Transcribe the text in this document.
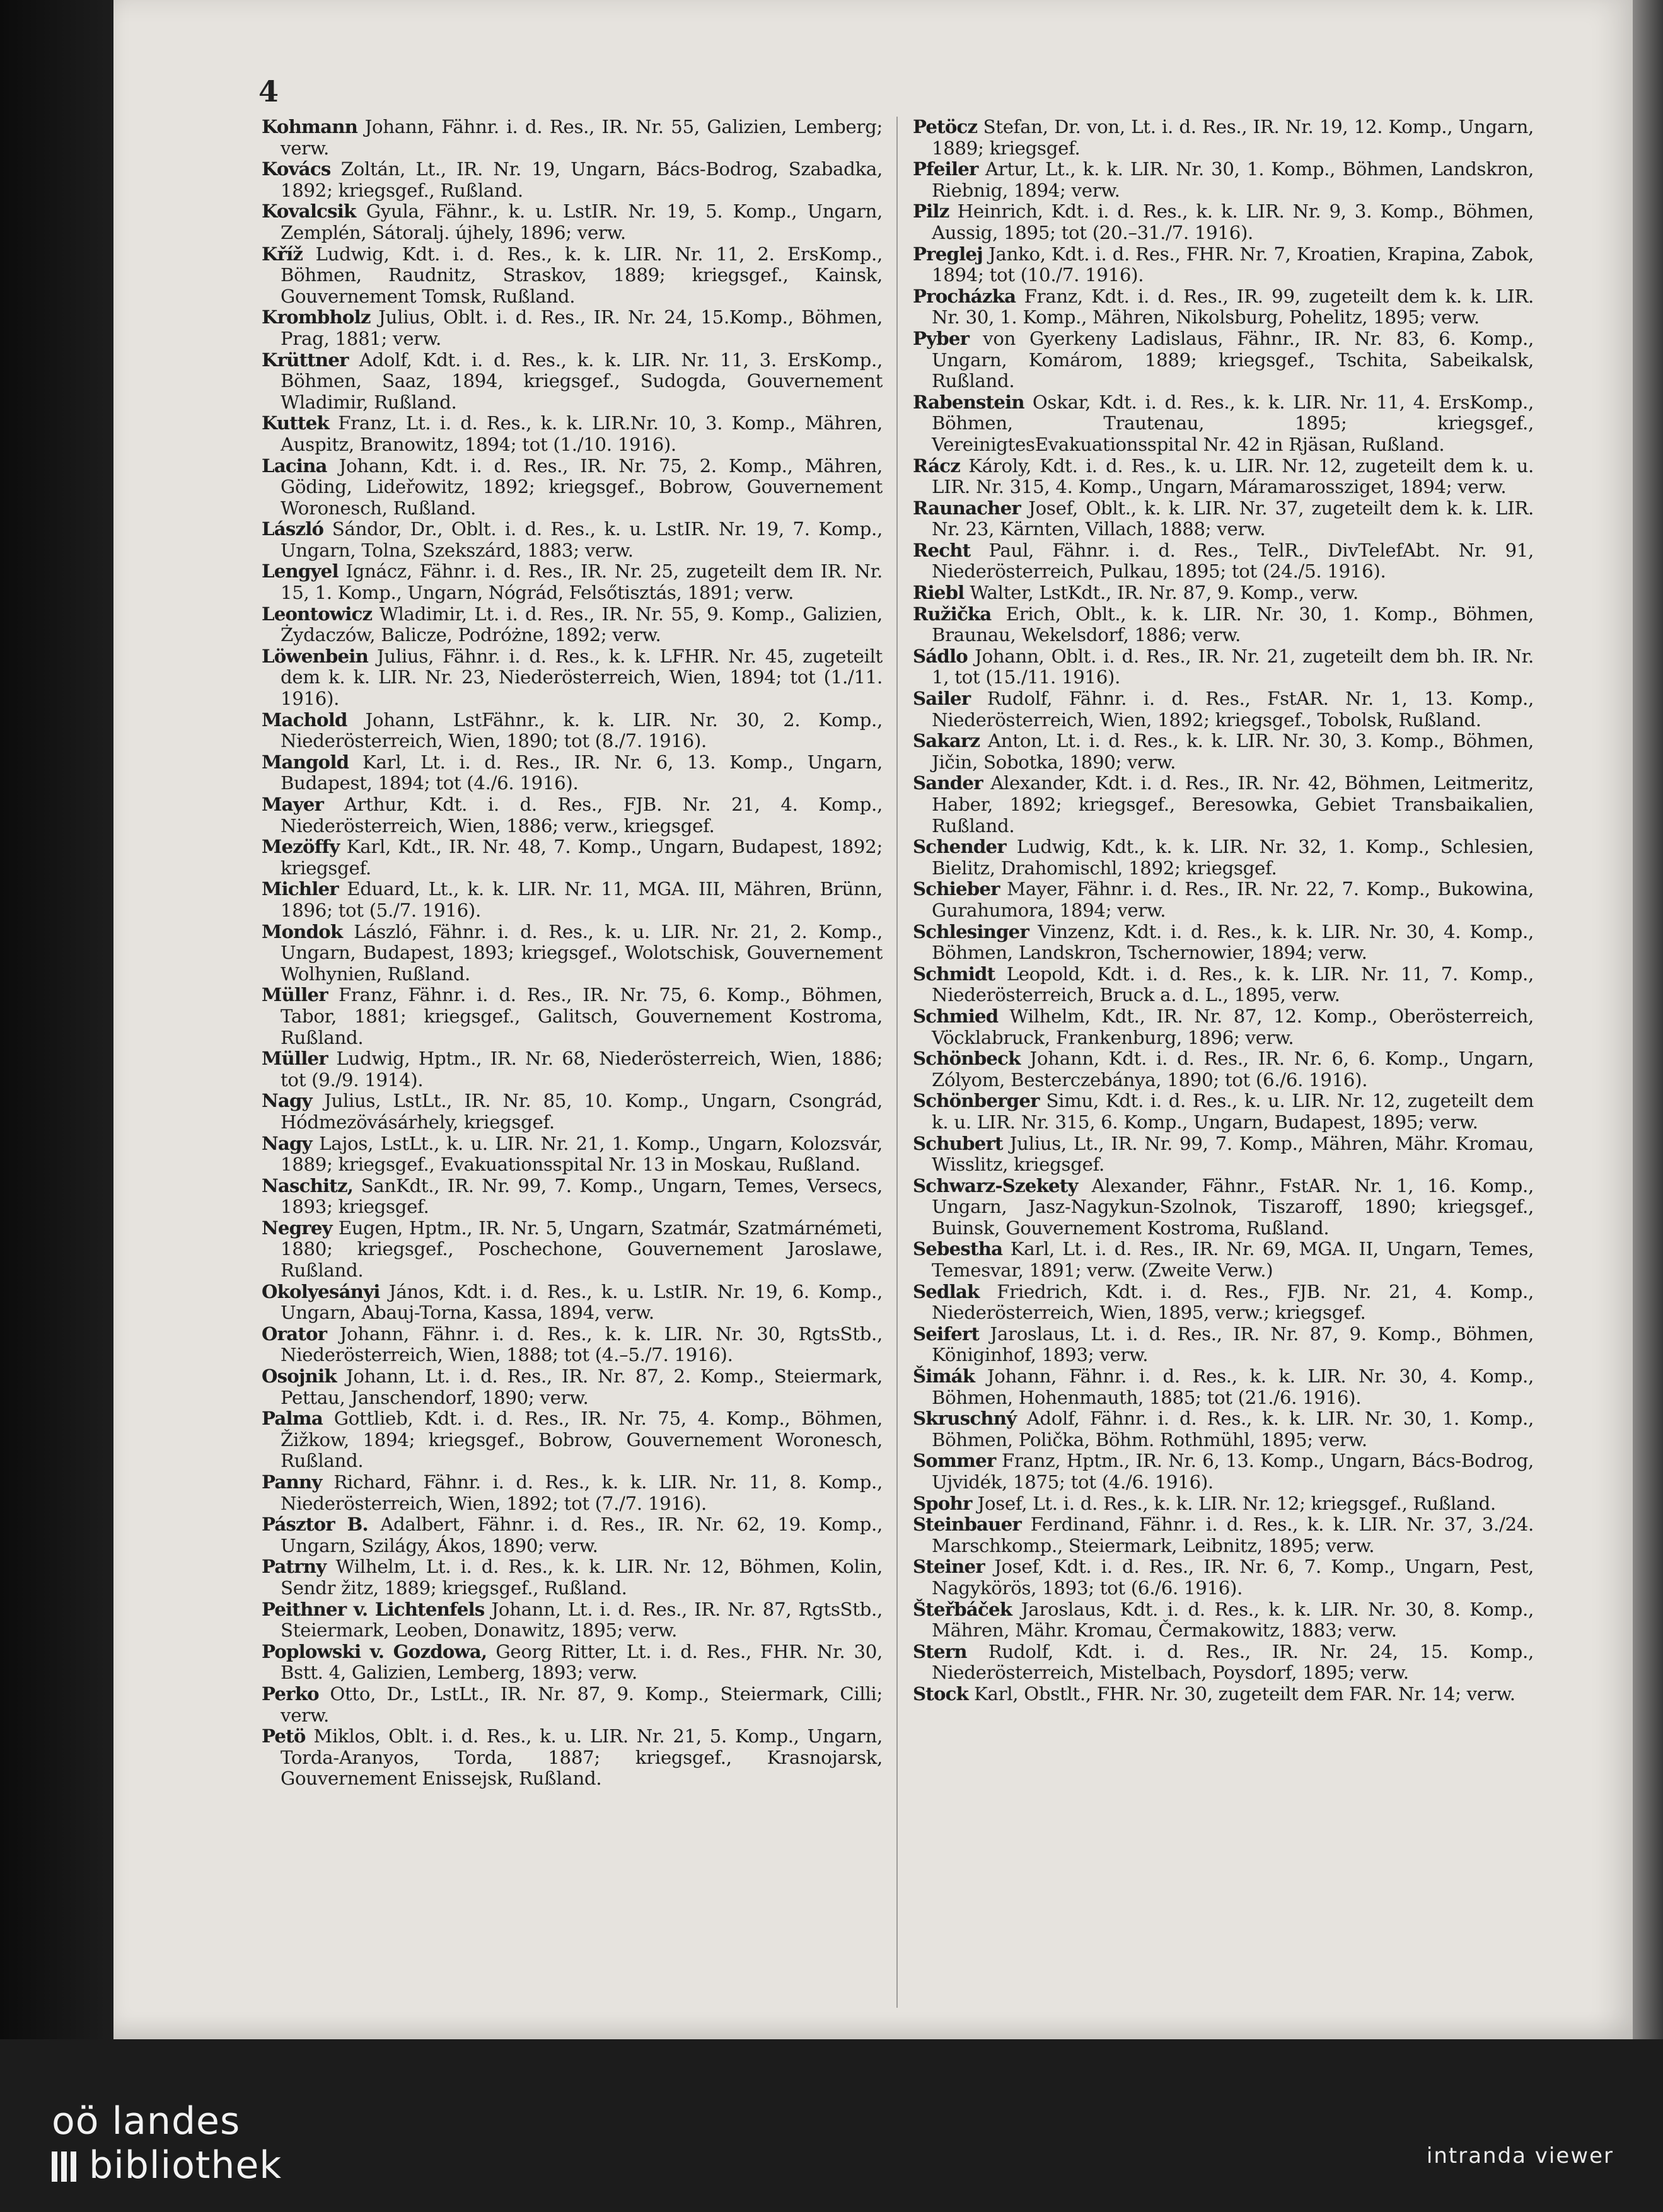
4

Kohmann Johann, Fähnr. i. d. Res., IR. Nr. 55, Galizien, Lemberg; verw.

Kovács Zoltán, Lt., IR. Nr. 19, Ungarn, Bács-Bodrog, Szabadka, 1892; kriegsgef., Rußland.

Kovalcsik Gyula, Fähnr., k. u. LstIR. Nr. 19, 5. Komp., Ungarn, Zemplén, Sátoralj. újhely, 1896; verw.

Kříž Ludwig, Kdt. i. d. Res., k. k. LIR. Nr. 11, 2. ErsKomp., Böhmen, Raudnitz, Straskov, 1889; kriegsgef., Kainsk, Gouvernement Tomsk, Rußland.

Krombholz Julius, Oblt. i. d. Res., IR. Nr. 24, 15.Komp., Böhmen, Prag, 1881; verw.

Krüttner Adolf, Kdt. i. d. Res., k. k. LIR. Nr. 11, 3. ErsKomp., Böhmen, Saaz, 1894, kriegsgef., Sudogda, Gouvernement Wladimir, Rußland.

Kuttek Franz, Lt. i. d. Res., k. k. LIR.Nr. 10, 3. Komp., Mähren, Auspitz, Branowitz, 1894; tot (1./10. 1916).

Lacina Johann, Kdt. i. d. Res., IR. Nr. 75, 2. Komp., Mähren, Göding, Lideřowitz, 1892; kriegsgef., Bobrow, Gouvernement Woronesch, Rußland.

László Sándor, Dr., Oblt. i. d. Res., k. u. LstIR. Nr. 19, 7. Komp., Ungarn, Tolna, Szekszárd, 1883; verw.

Lengyel Ignácz, Fähnr. i. d. Res., IR. Nr. 25, zugeteilt dem IR. Nr. 15, 1. Komp., Ungarn, Nógrád, Felsőtisztás, 1891; verw.

Leontowicz Wladimir, Lt. i. d. Res., IR. Nr. 55, 9. Komp., Galizien, Żydaczów, Balicze, Podróżne, 1892; verw.

Löwenbein Julius, Fähnr. i. d. Res., k. k. LFHR. Nr. 45, zugeteilt dem k. k. LIR. Nr. 23, Niederösterreich, Wien, 1894; tot (1./11. 1916).

Machold Johann, LstFähnr., k. k. LIR. Nr. 30, 2. Komp., Niederösterreich, Wien, 1890; tot (8./7. 1916).

Mangold Karl, Lt. i. d. Res., IR. Nr. 6, 13. Komp., Ungarn, Budapest, 1894; tot (4./6. 1916).

Mayer Arthur, Kdt. i. d. Res., FJB. Nr. 21, 4. Komp., Niederösterreich, Wien, 1886; verw., kriegsgef.

Mezöffy Karl, Kdt., IR. Nr. 48, 7. Komp., Ungarn, Budapest, 1892; kriegsgef.

Michler Eduard, Lt., k. k. LIR. Nr. 11, MGA. III, Mähren, Brünn, 1896; tot (5./7. 1916).

Mondok László, Fähnr. i. d. Res., k. u. LIR. Nr. 21, 2. Komp., Ungarn, Budapest, 1893; kriegsgef., Wolotschisk, Gouvernement Wolhynien, Rußland.

Müller Franz, Fähnr. i. d. Res., IR. Nr. 75, 6. Komp., Böhmen, Tabor, 1881; kriegsgef., Galitsch, Gouvernement Kostroma, Rußland.

Müller Ludwig, Hptm., IR. Nr. 68, Niederösterreich, Wien, 1886; tot (9./9. 1914).

Nagy Julius, LstLt., IR. Nr. 85, 10. Komp., Ungarn, Csongrád, Hódmezövásárhely, kriegsgef.

Nagy Lajos, LstLt., k. u. LIR. Nr. 21, 1. Komp., Ungarn, Kolozsvár, 1889; kriegsgef., Evakuationsspital Nr. 13 in Moskau, Rußland.

Naschitz, SanKdt., IR. Nr. 99, 7. Komp., Ungarn, Temes, Versecs, 1893; kriegsgef.

Negrey Eugen, Hptm., IR. Nr. 5, Ungarn, Szatmár, Szatmárnémeti, 1880; kriegsgef., Poschechone, Gouvernement Jaroslawe, Rußland.

Okolyesányi János, Kdt. i. d. Res., k. u. LstIR. Nr. 19, 6. Komp., Ungarn, Abauj-Torna, Kassa, 1894, verw.

Orator Johann, Fähnr. i. d. Res., k. k. LIR. Nr. 30, RgtsStb., Niederösterreich, Wien, 1888; tot (4.–5./7. 1916).

Osojnik Johann, Lt. i. d. Res., IR. Nr. 87, 2. Komp., Steiermark, Pettau, Janschendorf, 1890; verw.

Palma Gottlieb, Kdt. i. d. Res., IR. Nr. 75, 4. Komp., Böhmen, Žižkow, 1894; kriegsgef., Bobrow, Gouvernement Woronesch, Rußland.

Panny Richard, Fähnr. i. d. Res., k. k. LIR. Nr. 11, 8. Komp., Niederösterreich, Wien, 1892; tot (7./7. 1916).

Pásztor B. Adalbert, Fähnr. i. d. Res., IR. Nr. 62, 19. Komp., Ungarn, Szilágy, Ákos, 1890; verw.

Patrny Wilhelm, Lt. i. d. Res., k. k. LIR. Nr. 12, Böhmen, Kolin, Sendr žitz, 1889; kriegsgef., Rußland.

Peithner v. Lichtenfels Johann, Lt. i. d. Res., IR. Nr. 87, RgtsStb., Steiermark, Leoben, Donawitz, 1895; verw.

Poplowski v. Gozdowa, Georg Ritter, Lt. i. d. Res., FHR. Nr. 30, Bstt. 4, Galizien, Lemberg, 1893; verw.

Perko Otto, Dr., LstLt., IR. Nr. 87, 9. Komp., Steiermark, Cilli; verw.

Petö Miklos, Oblt. i. d. Res., k. u. LIR. Nr. 21, 5. Komp., Ungarn, Torda-Aranyos, Torda, 1887; kriegsgef., Krasnojarsk, Gouvernement Enissejsk, Rußland.

Petöcz Stefan, Dr. von, Lt. i. d. Res., IR. Nr. 19, 12. Komp., Ungarn, 1889; kriegsgef.

Pfeiler Artur, Lt., k. k. LIR. Nr. 30, 1. Komp., Böhmen, Landskron, Riebnig, 1894; verw.

Pilz Heinrich, Kdt. i. d. Res., k. k. LIR. Nr. 9, 3. Komp., Böhmen, Aussig, 1895; tot (20.–31./7. 1916).

Preglej Janko, Kdt. i. d. Res., FHR. Nr. 7, Kroatien, Krapina, Zabok, 1894; tot (10./7. 1916).

Procházka Franz, Kdt. i. d. Res., IR. 99, zugeteilt dem k. k. LIR. Nr. 30, 1. Komp., Mähren, Nikolsburg, Pohelitz, 1895; verw.

Pyber von Gyerkeny Ladislaus, Fähnr., IR. Nr. 83, 6. Komp., Ungarn, Komárom, 1889; kriegsgef., Tschita, Sabeikalsk, Rußland.

Rabenstein Oskar, Kdt. i. d. Res., k. k. LIR. Nr. 11, 4. ErsKomp., Böhmen, Trautenau, 1895; kriegsgef., VereinigtesEvakuationsspital Nr. 42 in Rjäsan, Rußland.

Rácz Károly, Kdt. i. d. Res., k. u. LIR. Nr. 12, zugeteilt dem k. u. LIR. Nr. 315, 4. Komp., Ungarn, Máramarossziget, 1894; verw.

Raunacher Josef, Oblt., k. k. LIR. Nr. 37, zugeteilt dem k. k. LIR. Nr. 23, Kärnten, Villach, 1888; verw.

Recht Paul, Fähnr. i. d. Res., TelR., DivTelefAbt. Nr. 91, Niederösterreich, Pulkau, 1895; tot (24./5. 1916).

Riebl Walter, LstKdt., IR. Nr. 87, 9. Komp., verw.

Ružička Erich, Oblt., k. k. LIR. Nr. 30, 1. Komp., Böhmen, Braunau, Wekelsdorf, 1886; verw.

Sádlo Johann, Oblt. i. d. Res., IR. Nr. 21, zugeteilt dem bh. IR. Nr. 1, tot (15./11. 1916).

Sailer Rudolf, Fähnr. i. d. Res., FstAR. Nr. 1, 13. Komp., Niederösterreich, Wien, 1892; kriegsgef., Tobolsk, Rußland.

Sakarz Anton, Lt. i. d. Res., k. k. LIR. Nr. 30, 3. Komp., Böhmen, Jičin, Sobotka, 1890; verw.

Sander Alexander, Kdt. i. d. Res., IR. Nr. 42, Böhmen, Leitmeritz, Haber, 1892; kriegsgef., Beresowka, Gebiet Transbaikalien, Rußland.

Schender Ludwig, Kdt., k. k. LIR. Nr. 32, 1. Komp., Schlesien, Bielitz, Drahomischl, 1892; kriegsgef.

Schieber Mayer, Fähnr. i. d. Res., IR. Nr. 22, 7. Komp., Bukowina, Gurahumora, 1894; verw.

Schlesinger Vinzenz, Kdt. i. d. Res., k. k. LIR. Nr. 30, 4. Komp., Böhmen, Landskron, Tschernowier, 1894; verw.

Schmidt Leopold, Kdt. i. d. Res., k. k. LIR. Nr. 11, 7. Komp., Niederösterreich, Bruck a. d. L., 1895, verw.

Schmied Wilhelm, Kdt., IR. Nr. 87, 12. Komp., Oberösterreich, Vöcklabruck, Frankenburg, 1896; verw.

Schönbeck Johann, Kdt. i. d. Res., IR. Nr. 6, 6. Komp., Ungarn, Zólyom, Besterczebánya, 1890; tot (6./6. 1916).

Schönberger Simu, Kdt. i. d. Res., k. u. LIR. Nr. 12, zugeteilt dem k. u. LIR. Nr. 315, 6. Komp., Ungarn, Budapest, 1895; verw.

Schubert Julius, Lt., IR. Nr. 99, 7. Komp., Mähren, Mähr. Kromau, Wisslitz, kriegsgef.

Schwarz-Szekety Alexander, Fähnr., FstAR. Nr. 1, 16. Komp., Ungarn, Jasz-Nagykun-Szolnok, Tiszaroff, 1890; kriegsgef., Buinsk, Gouvernement Kostroma, Rußland.

Sebestha Karl, Lt. i. d. Res., IR. Nr. 69, MGA. II, Ungarn, Temes, Temesvar, 1891; verw. (Zweite Verw.)

Sedlak Friedrich, Kdt. i. d. Res., FJB. Nr. 21, 4. Komp., Niederösterreich, Wien, 1895, verw.; kriegsgef.

Seifert Jaroslaus, Lt. i. d. Res., IR. Nr. 87, 9. Komp., Böhmen, Königinhof, 1893; verw.

Šimák Johann, Fähnr. i. d. Res., k. k. LIR. Nr. 30, 4. Komp., Böhmen, Hohenmauth, 1885; tot (21./6. 1916).

Skruschný Adolf, Fähnr. i. d. Res., k. k. LIR. Nr. 30, 1. Komp., Böhmen, Polička, Böhm. Rothmühl, 1895; verw.

Sommer Franz, Hptm., IR. Nr. 6, 13. Komp., Ungarn, Bács-Bodrog, Ujvidék, 1875; tot (4./6. 1916).

Spohr Josef, Lt. i. d. Res., k. k. LIR. Nr. 12; kriegsgef., Rußland.

Steinbauer Ferdinand, Fähnr. i. d. Res., k. k. LIR. Nr. 37, 3./24. Marschkomp., Steiermark, Leibnitz, 1895; verw.

Steiner Josef, Kdt. i. d. Res., IR. Nr. 6, 7. Komp., Ungarn, Pest, Nagykörös, 1893; tot (6./6. 1916).

Šteřbáček Jaroslaus, Kdt. i. d. Res., k. k. LIR. Nr. 30, 8. Komp., Mähren, Mähr. Kromau, Čermakowitz, 1883; verw.

Stern Rudolf, Kdt. i. d. Res., IR. Nr. 24, 15. Komp., Niederösterreich, Mistelbach, Poysdorf, 1895; verw.

Stock Karl, Obstlt., FHR. Nr. 30, zugeteilt dem FAR. Nr. 14; verw.

oö landes
bibliothek	intranda viewer
